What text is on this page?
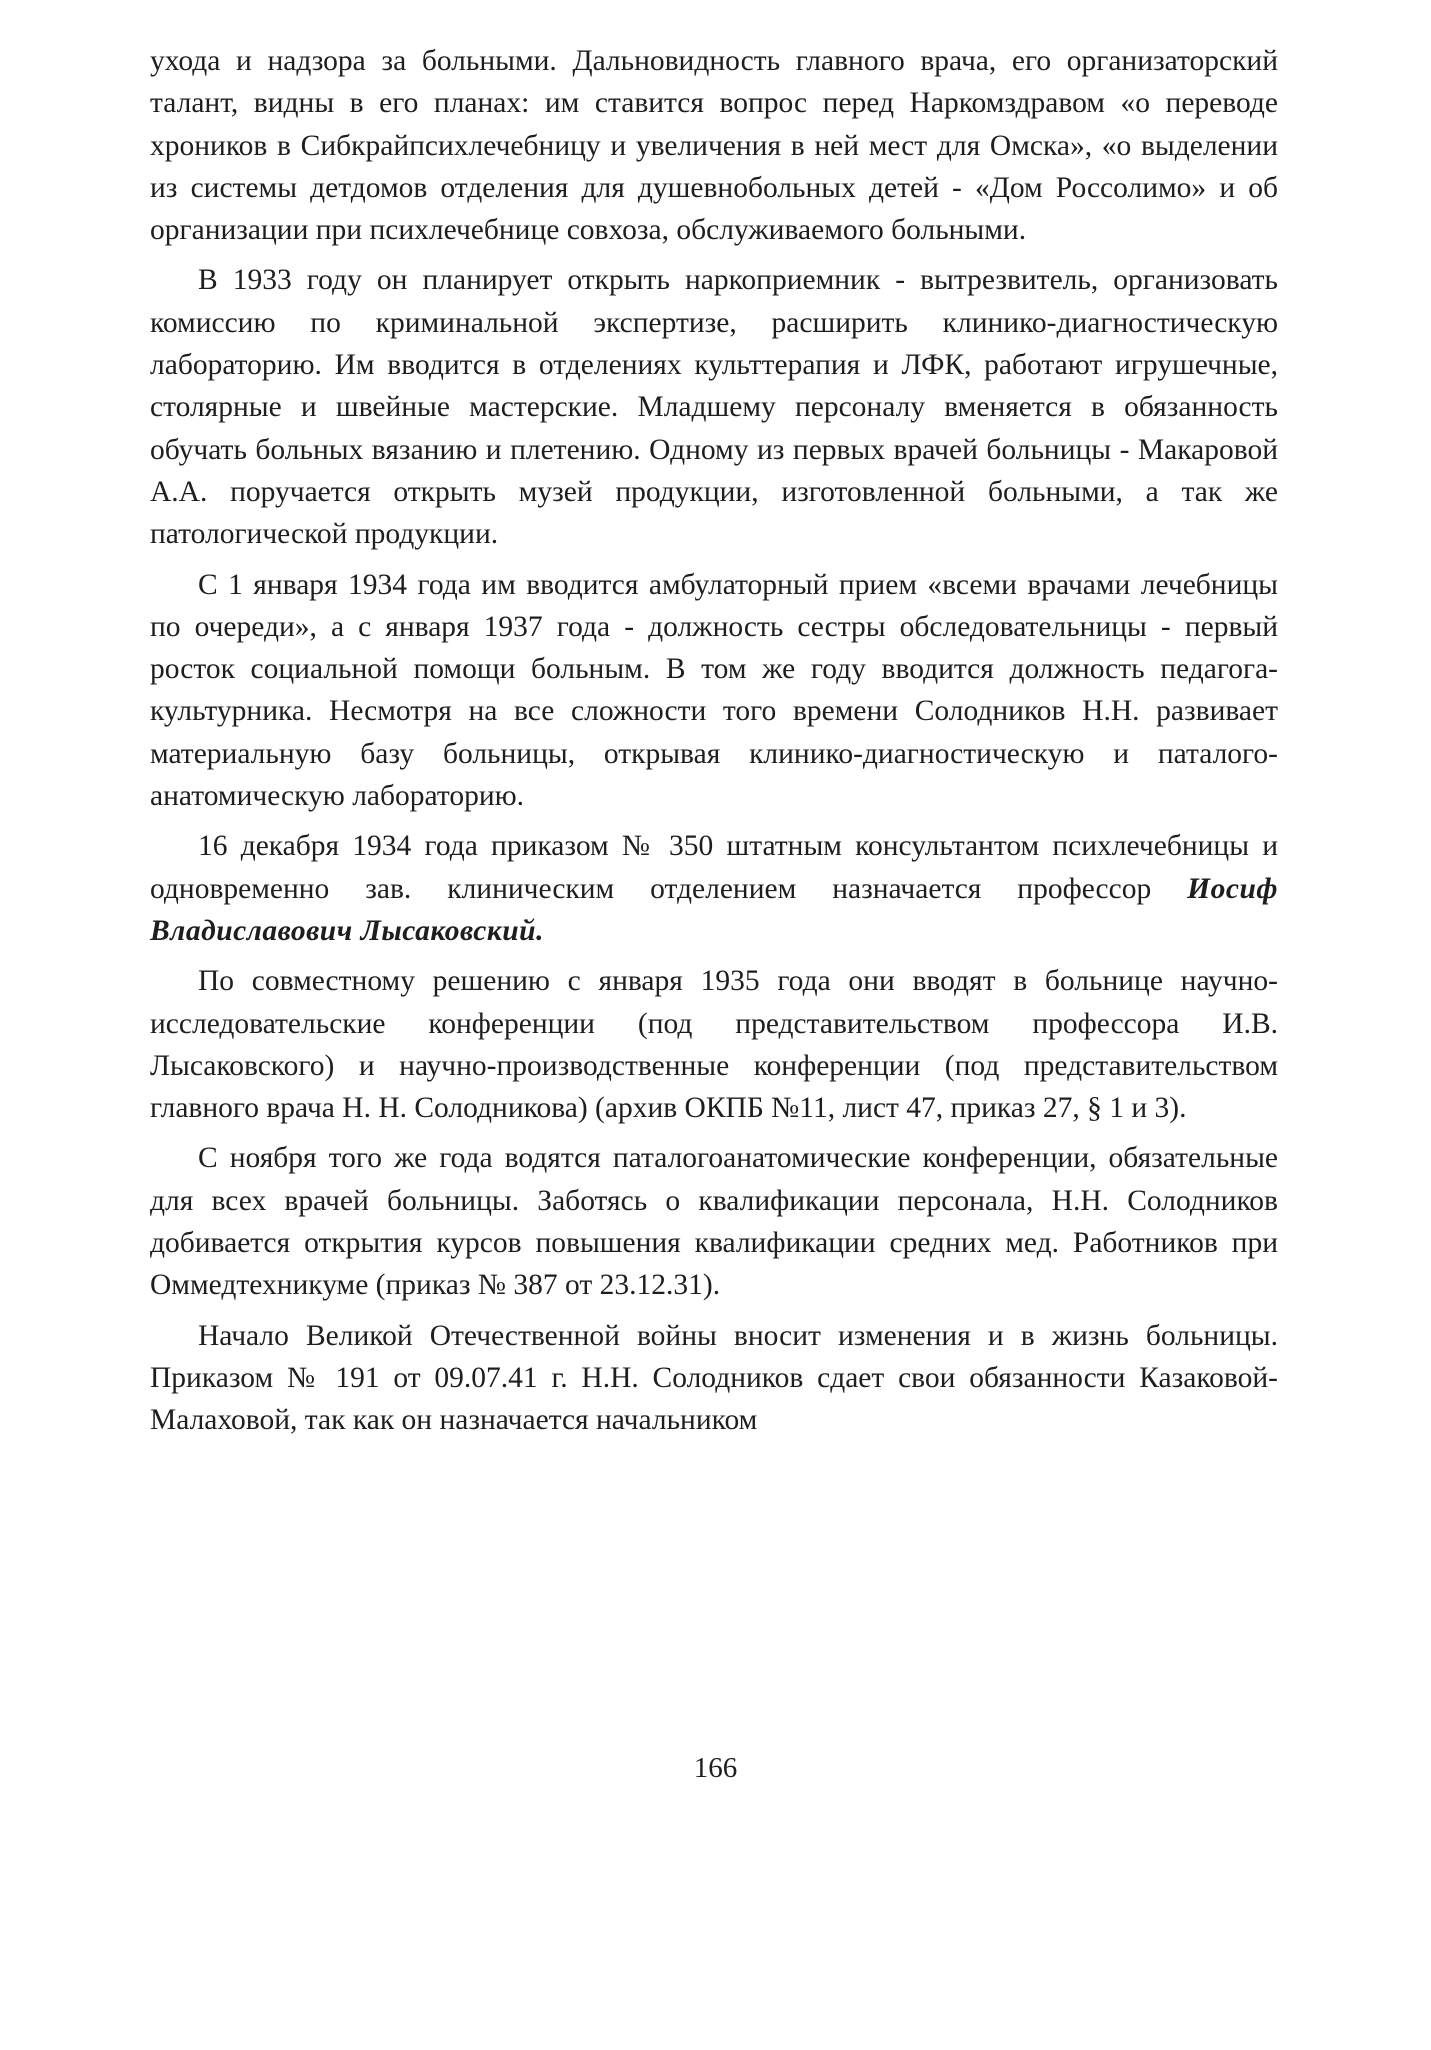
ухода и надзора за больными. Дальновидность главного врача, его организаторский талант, видны в его планах: им ставится вопрос перед Наркомздравом «о переводе хроников в Сибкрайпсихлечебницу и увеличения в ней мест для Омска», «о выделении из системы детдомов отделения для душевнобольных детей - «Дом Россолимо» и об организации при психлечебнице совхоза, обслуживаемого больными.

В 1933 году он планирует открыть наркоприемник - вытрезвитель, организовать комиссию по криминальной экспертизе, расширить клинико-диагностическую лабораторию. Им вводится в отделениях культтерапия и ЛФК, работают игрушечные, столярные и швейные мастерские. Младшему персоналу вменяется в обязанность обучать больных вязанию и плетению. Одному из первых врачей больницы - Макаровой А.А. поручается открыть музей продукции, изготовленной больными, а так же патологической продукции.

С 1 января 1934 года им вводится амбулаторный прием «всеми врачами лечебницы по очереди», а с января 1937 года - должность сестры обследовательницы - первый росток социальной помощи больным. В том же году вводится должность педагога-культурника. Несмотря на все сложности того времени Солодников Н.Н. развивает материальную базу больницы, открывая клинико-диагностическую и паталого-анатомическую лабораторию.

16 декабря 1934 года приказом № 350 штатным консультантом психлечебницы и одновременно зав. клиническим отделением назначается профессор Иосиф Владиславович Лысаковский.

По совместному решению с января 1935 года они вводят в больнице научно-исследовательские конференции (под представительством профессора И.В. Лысаковского) и научно-производственные конференции (под представительством главного врача Н. Н. Солодникова) (архив ОКПБ №11, лист 47, приказ 27, § 1 и 3).

С ноября того же года водятся паталогоанатомические конференции, обязательные для всех врачей больницы. Заботясь о квалификации персонала, Н.Н. Солодников добивается открытия курсов повышения квалификации средних мед. Работников при Оммедтехникуме (приказ № 387 от 23.12.31).

Начало Великой Отечественной войны вносит изменения и в жизнь больницы. Приказом № 191 от 09.07.41 г. Н.Н. Солодников сдает свои обязанности Казаковой-Малаховой, так как он назначается начальником

166
